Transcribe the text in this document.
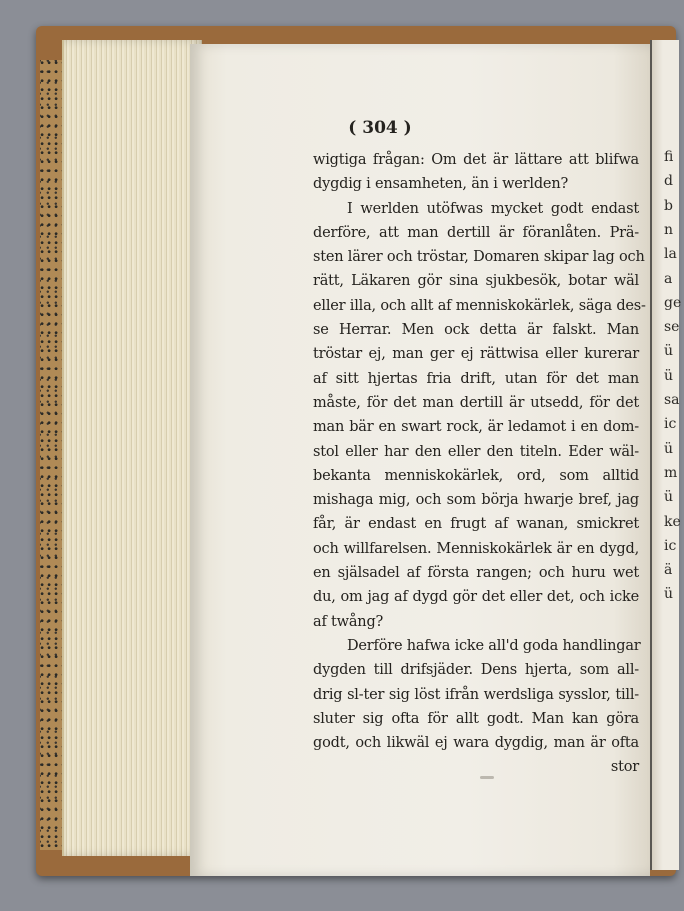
fi
d
b
n
la
a
ge
se
ü
ü
sa
ic
ü
m
ü
ke
ic
ä
ü
( 304 )
wigtiga frågan: Om det är lättare att blifwa
dygdig i ensamheten, än i werlden?
I werlden utöfwas mycket godt endast
derföre, att man dertill är föranlåten. Prä-
sten lärer och tröstar, Domaren skipar lag och
rätt, Läkaren gör sina sjukbesök, botar wäl
eller illa, och allt af menniskokärlek, säga des-
se Herrar. Men ock detta är falskt. Man
tröstar ej, man ger ej rättwisa eller kurerar
af sitt hjertas fria drift, utan för det man
måste, för det man dertill är utsedd, för det
man bär en swart rock, är ledamot i en dom-
stol eller har den eller den titeln. Eder wäl-
bekanta menniskokärlek, ord, som alltid
mishaga mig, och som börja hwarje bref, jag
får, är endast en frugt af wanan, smickret
och willfarelsen. Menniskokärlek är en dygd,
en själsadel af första rangen; och huru wet
du, om jag af dygd gör det eller det, och icke
af twång?
Derföre hafwa icke all'd goda handlingar
dygden till drifsjäder. Dens hjerta, som all-
drig sl-ter sig löst ifrån werdsliga sysslor, till-
sluter sig ofta för allt godt. Man kan göra
godt, och likwäl ej wara dygdig, man är ofta
stor
